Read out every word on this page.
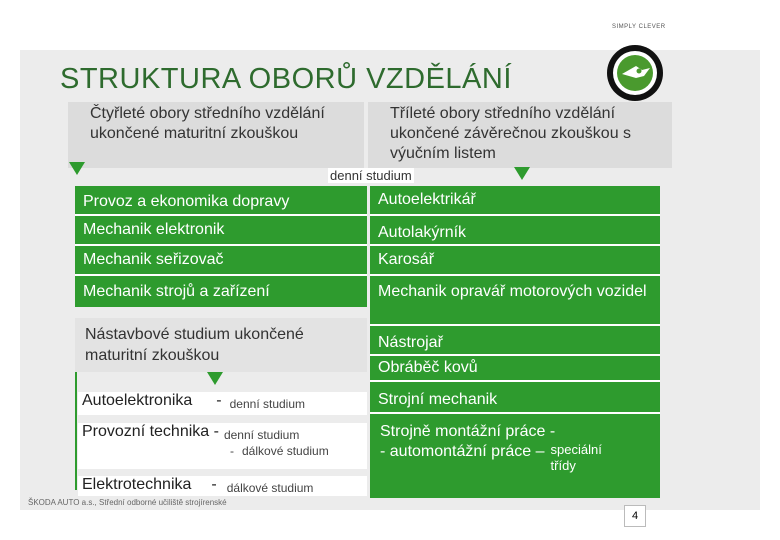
SIMPLY CLEVER
STRUKTURA OBORŮ VZDĚLÁNÍ
Čtyřleté obory středního vzdělání ukončené maturitní zkouškou
Tříleté obory středního vzdělání ukončené závěrečnou zkouškou s výučním listem
denní studium
Provoz a ekonomika dopravy
Mechanik elektronik
Mechanik seřizovač
Mechanik strojů a zařízení
Nástavbové studium ukončené maturitní zkouškou
Autoelektronika - denní studium
Provozní technika - denní studium
- dálkové studium
Elektrotechnika - dálkové studium
Autoelektrikář
Autolakýrník
Karosář
Mechanik opravář motorových vozidel
Nástrojař
Obráběč kovů
Strojní mechanik
Strojně montážní práce -
- automontážní práce – speciální třídy
ŠKODA AUTO a.s., Střední odborné učiliště strojírenské
4
